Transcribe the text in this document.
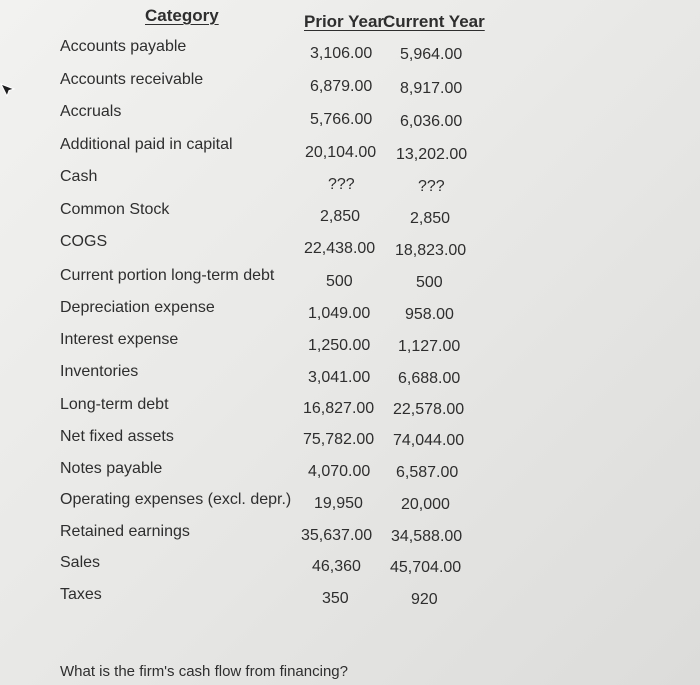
Category	Prior Year
Current Year
Accounts payable
Accounts receivable
Accruals
Additional paid in capital
Cash
Common Stock
COGS
Current portion long-term debt
Depreciation expense
Interest expense
Inventories
Long-term debt
Net fixed assets
Notes payable
Operating expenses (excl. depr.)
Retained earnings
Sales
Taxes
3,106.00
6,879.00
5,766.00
20,104.00
???
2,850
22,438.00
500
1,049.00
1,250.00
3,041.00
16,827.00
75,782.00
4,070.00
19,950
35,637.00
46,360
350
5,964.00
8,917.00
6,036.00
13,202.00
???
2,850
18,823.00
500
958.00
1,127.00
6,688.00
22,578.00
74,044.00
6,587.00
20,000
34,588.00
45,704.00
920
What is the firm's cash flow from financing?
